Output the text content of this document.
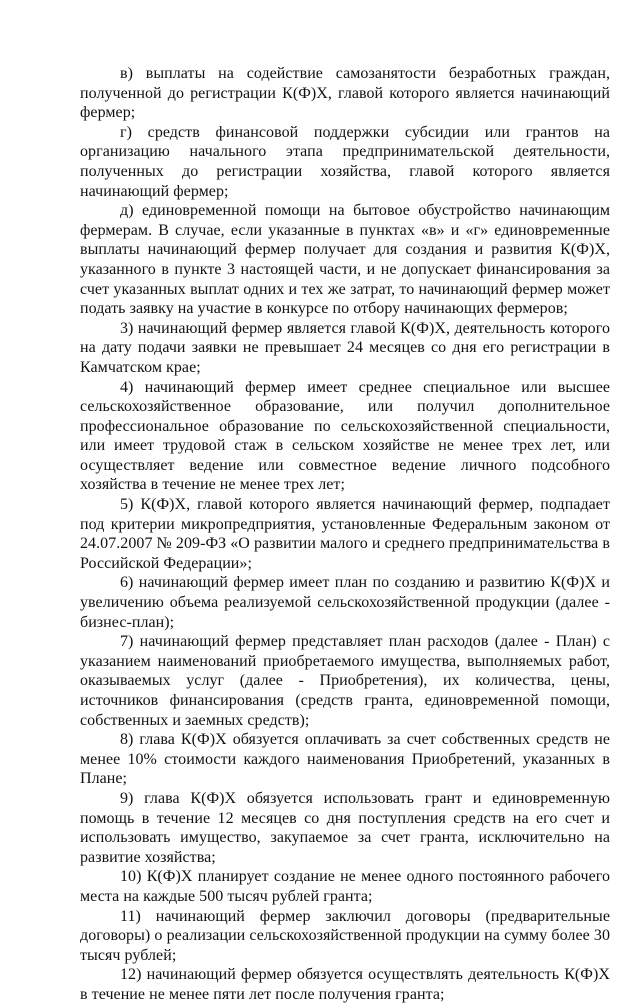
в) выплаты на содействие самозанятости безработных граждан, полученной до регистрации К(Ф)Х, главой которого является начинающий фермер;

г) средств финансовой поддержки субсидии или грантов на организацию начального этапа предпринимательской деятельности, полученных до регистрации хозяйства, главой которого является начинающий фермер;

д) единовременной помощи на бытовое обустройство начинающим фермерам. В случае, если указанные в пунктах «в» и «г» единовременные выплаты начинающий фермер получает для создания и развития К(Ф)Х, указанного в пункте 3 настоящей части, и не допускает финансирования за счет указанных выплат одних и тех же затрат, то начинающий фермер может подать заявку на участие в конкурсе по отбору начинающих фермеров;

3) начинающий фермер является главой К(Ф)Х, деятельность которого на дату подачи заявки не превышает 24 месяцев со дня его регистрации в Камчатском крае;

4) начинающий фермер имеет среднее специальное или высшее сельскохозяйственное образование, или получил дополнительное профессиональное образование по сельскохозяйственной специальности, или имеет трудовой стаж в сельском хозяйстве не менее трех лет, или осуществляет ведение или совместное ведение личного подсобного хозяйства в течение не менее трех лет;

5) К(Ф)Х, главой которого является начинающий фермер, подпадает под критерии микропредприятия, установленные Федеральным законом от 24.07.2007 № 209-ФЗ «О развитии малого и среднего предпринимательства в Российской Федерации»;

6) начинающий фермер имеет план по созданию и развитию К(Ф)Х и увеличению объема реализуемой сельскохозяйственной продукции (далее - бизнес-план);

7) начинающий фермер представляет план расходов (далее - План) с указанием наименований приобретаемого имущества, выполняемых работ, оказываемых услуг (далее - Приобретения), их количества, цены, источников финансирования (средств гранта, единовременной помощи, собственных и заемных средств);

8) глава К(Ф)Х обязуется оплачивать за счет собственных средств не менее 10% стоимости каждого наименования Приобретений, указанных в Плане;

9) глава К(Ф)Х обязуется использовать грант и единовременную помощь в течение 12 месяцев со дня поступления средств на его счет и использовать имущество, закупаемое за счет гранта, исключительно на развитие хозяйства;

10) К(Ф)Х планирует создание не менее одного постоянного рабочего места на каждые 500 тысяч рублей гранта;

11) начинающий фермер заключил договоры (предварительные договоры) о реализации сельскохозяйственной продукции на сумму более 30 тысяч рублей;

12) начинающий фермер обязуется осуществлять деятельность К(Ф)Х в течение не менее пяти лет после получения гранта;
